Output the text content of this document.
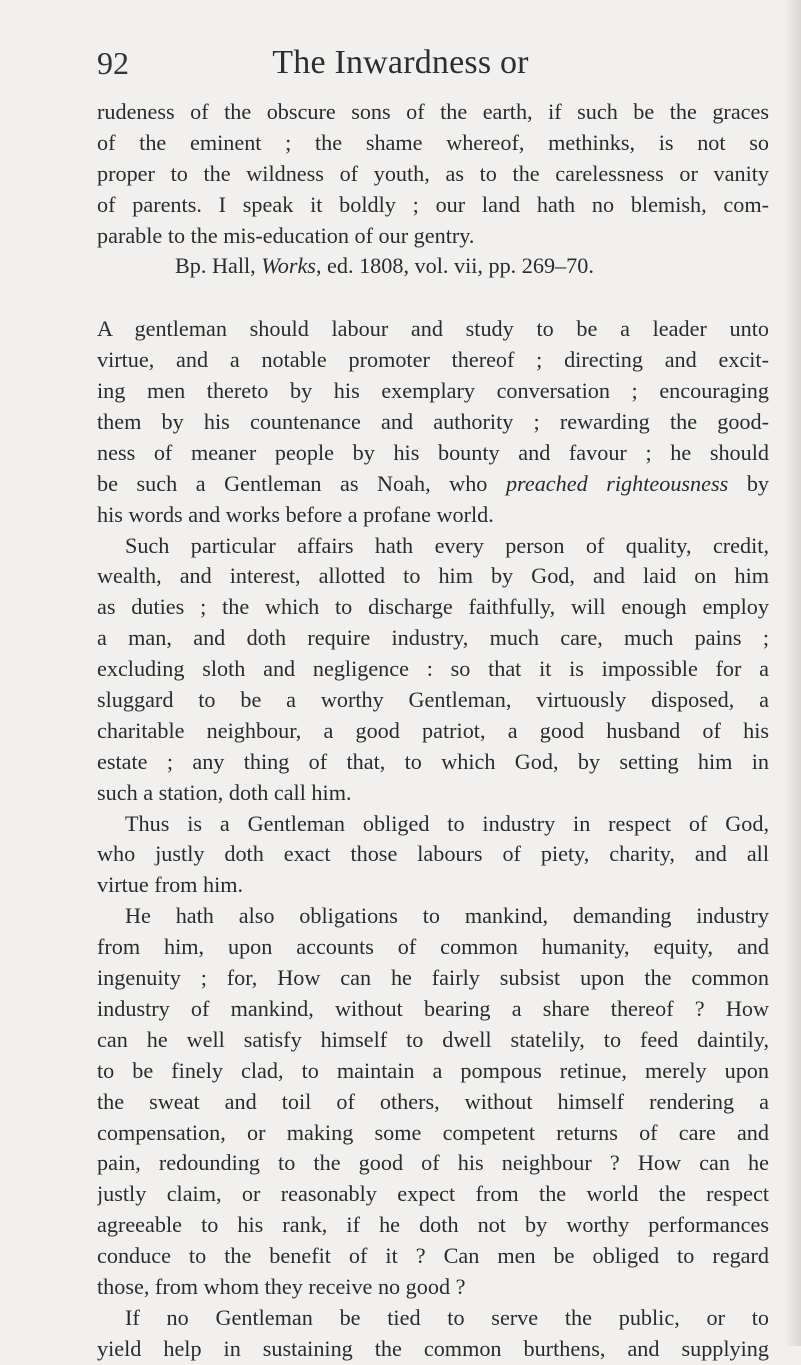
92	The Inwardness or
rudeness of the obscure sons of the earth, if such be the graces
of the eminent ; the shame whereof, methinks, is not so
proper to the wildness of youth, as to the carelessness or vanity
of parents. I speak it boldly ; our land hath no blemish, com-
parable to the mis-education of our gentry.
Bp. Hall, Works, ed. 1808, vol. vii, pp. 269–70.
A gentleman should labour and study to be a leader unto
virtue, and a notable promoter thereof ; directing and excit-
ing men thereto by his exemplary conversation ; encouraging
them by his countenance and authority ; rewarding the good-
ness of meaner people by his bounty and favour ; he should
be such a Gentleman as Noah, who preached righteousness by
his words and works before a profane world.
Such particular affairs hath every person of quality, credit,
wealth, and interest, allotted to him by God, and laid on him
as duties ; the which to discharge faithfully, will enough employ
a man, and doth require industry, much care, much pains ;
excluding sloth and negligence : so that it is impossible for a
sluggard to be a worthy Gentleman, virtuously disposed, a
charitable neighbour, a good patriot, a good husband of his
estate ; any thing of that, to which God, by setting him in
such a station, doth call him.
Thus is a Gentleman obliged to industry in respect of God,
who justly doth exact those labours of piety, charity, and all
virtue from him.
He hath also obligations to mankind, demanding industry
from him, upon accounts of common humanity, equity, and
ingenuity ; for, How can he fairly subsist upon the common
industry of mankind, without bearing a share thereof ? How
can he well satisfy himself to dwell statelily, to feed daintily,
to be finely clad, to maintain a pompous retinue, merely upon
the sweat and toil of others, without himself rendering a
compensation, or making some competent returns of care and
pain, redounding to the good of his neighbour ? How can he
justly claim, or reasonably expect from the world the respect
agreeable to his rank, if he doth not by worthy performances
conduce to the benefit of it ? Can men be obliged to regard
those, from whom they receive no good ?
If no Gentleman be tied to serve the public, or to
yield help in sustaining the common burthens, and supplying
